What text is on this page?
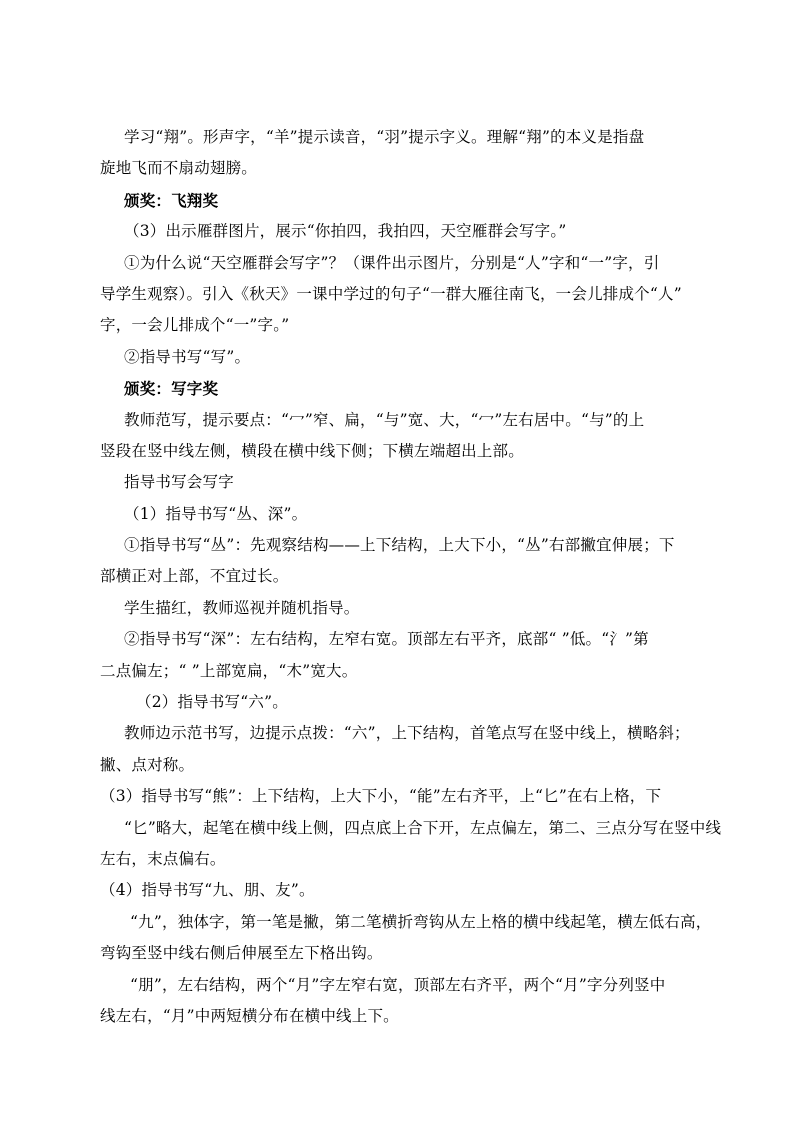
学习“翔”。形声字，“羊”提示读音，“羽”提示字义。理解“翔”的本义是指盘
旋地飞而不扇动翅膀。
颁奖：飞翔奖
（3）出示雁群图片，展示“你拍四，我拍四，天空雁群会写字。”
①为什么说“天空雁群会写字”？（课件出示图片，分别是“人”字和“一”字，引
导学生观察）。引入《秋天》一课中学过的句子“一群大雁往南飞，一会儿排成个“人”
字，一会儿排成个“一”字。”
②指导书写“写”。
颁奖：写字奖
教师范写，提示要点：“冖”窄、扁，“与”宽、大，“冖”左右居中。“与”的上
竖段在竖中线左侧，横段在横中线下侧；下横左端超出上部。
指导书写会写字
（1）指导书写“丛、深”。
①指导书写“丛”：先观察结构——上下结构，上大下小，“丛”右部撇宜伸展；下
部横正对上部，不宜过长。
学生描红，教师巡视并随机指导。
②指导书写“深”：左右结构，左窄右宽。顶部左右平齐，底部“ ”低。“氵”第
二点偏左；“ ”上部宽扁，“木”宽大。
（2）指导书写“六”。
教师边示范书写，边提示点拨：“六”，上下结构，首笔点写在竖中线上，横略斜；
撇、点对称。
（3）指导书写“熊”：上下结构，上大下小，“能”左右齐平，上“匕”在右上格，下
“匕”略大，起笔在横中线上侧，四点底上合下开，左点偏左，第二、三点分写在竖中线
左右，末点偏右。
（4）指导书写“九、朋、友”。
“九”，独体字，第一笔是撇，第二笔横折弯钩从左上格的横中线起笔，横左低右高，
弯钩至竖中线右侧后伸展至左下格出钩。
“朋”，左右结构，两个“月”字左窄右宽，顶部左右齐平，两个“月”字分列竖中
线左右，“月”中两短横分布在横中线上下。
